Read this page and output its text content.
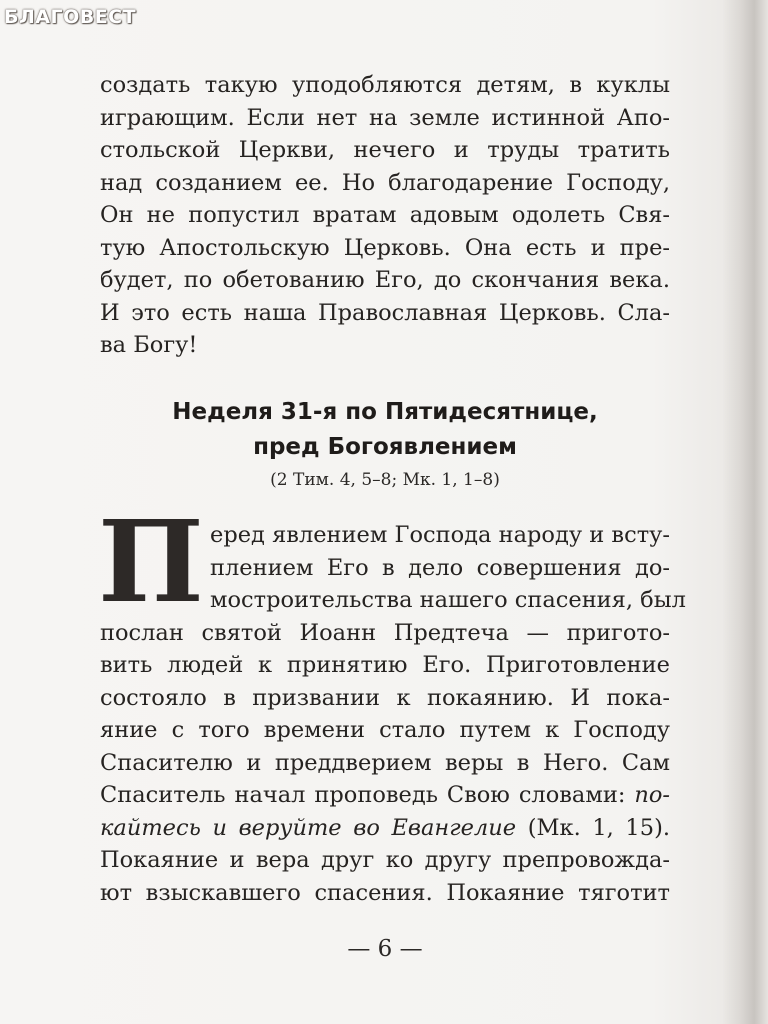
БЛАГОВЕСТ
создать такую уподобляются детям, в куклы
играющим. Если нет на земле истинной Апо-
стольской Церкви, нечего и труды тратить
над созданием ее. Но благодарение Господу,
Он не попустил вратам адовым одолеть Свя-
тую Апостольскую Церковь. Она есть и пре-
будет, по обетованию Его, до скончания века.
И это есть наша Православная Церковь. Сла-
ва Богу!
Неделя 31-я по Пятидесятнице,
пред Богоявлением
(2 Тим. 4, 5–8; Мк. 1, 1–8)
П еред явлением Господа народу и всту-
плением Его в дело совершения до-
мостроительства нашего спасения, был
послан святой Иоанн Предтеча — пригото-
вить людей к принятию Его. Приготовление
состояло в призвании к покаянию. И пока-
яние с того времени стало путем к Господу
Спасителю и преддверием веры в Него. Сам
Спаситель начал проповедь Свою словами: по-
кайтесь и веруйте во Евангелие (Мк. 1, 15).
Покаяние и вера друг ко другу препровождa-
ют взыскавшего спасения. Покаяние тяготит
— 6 —
